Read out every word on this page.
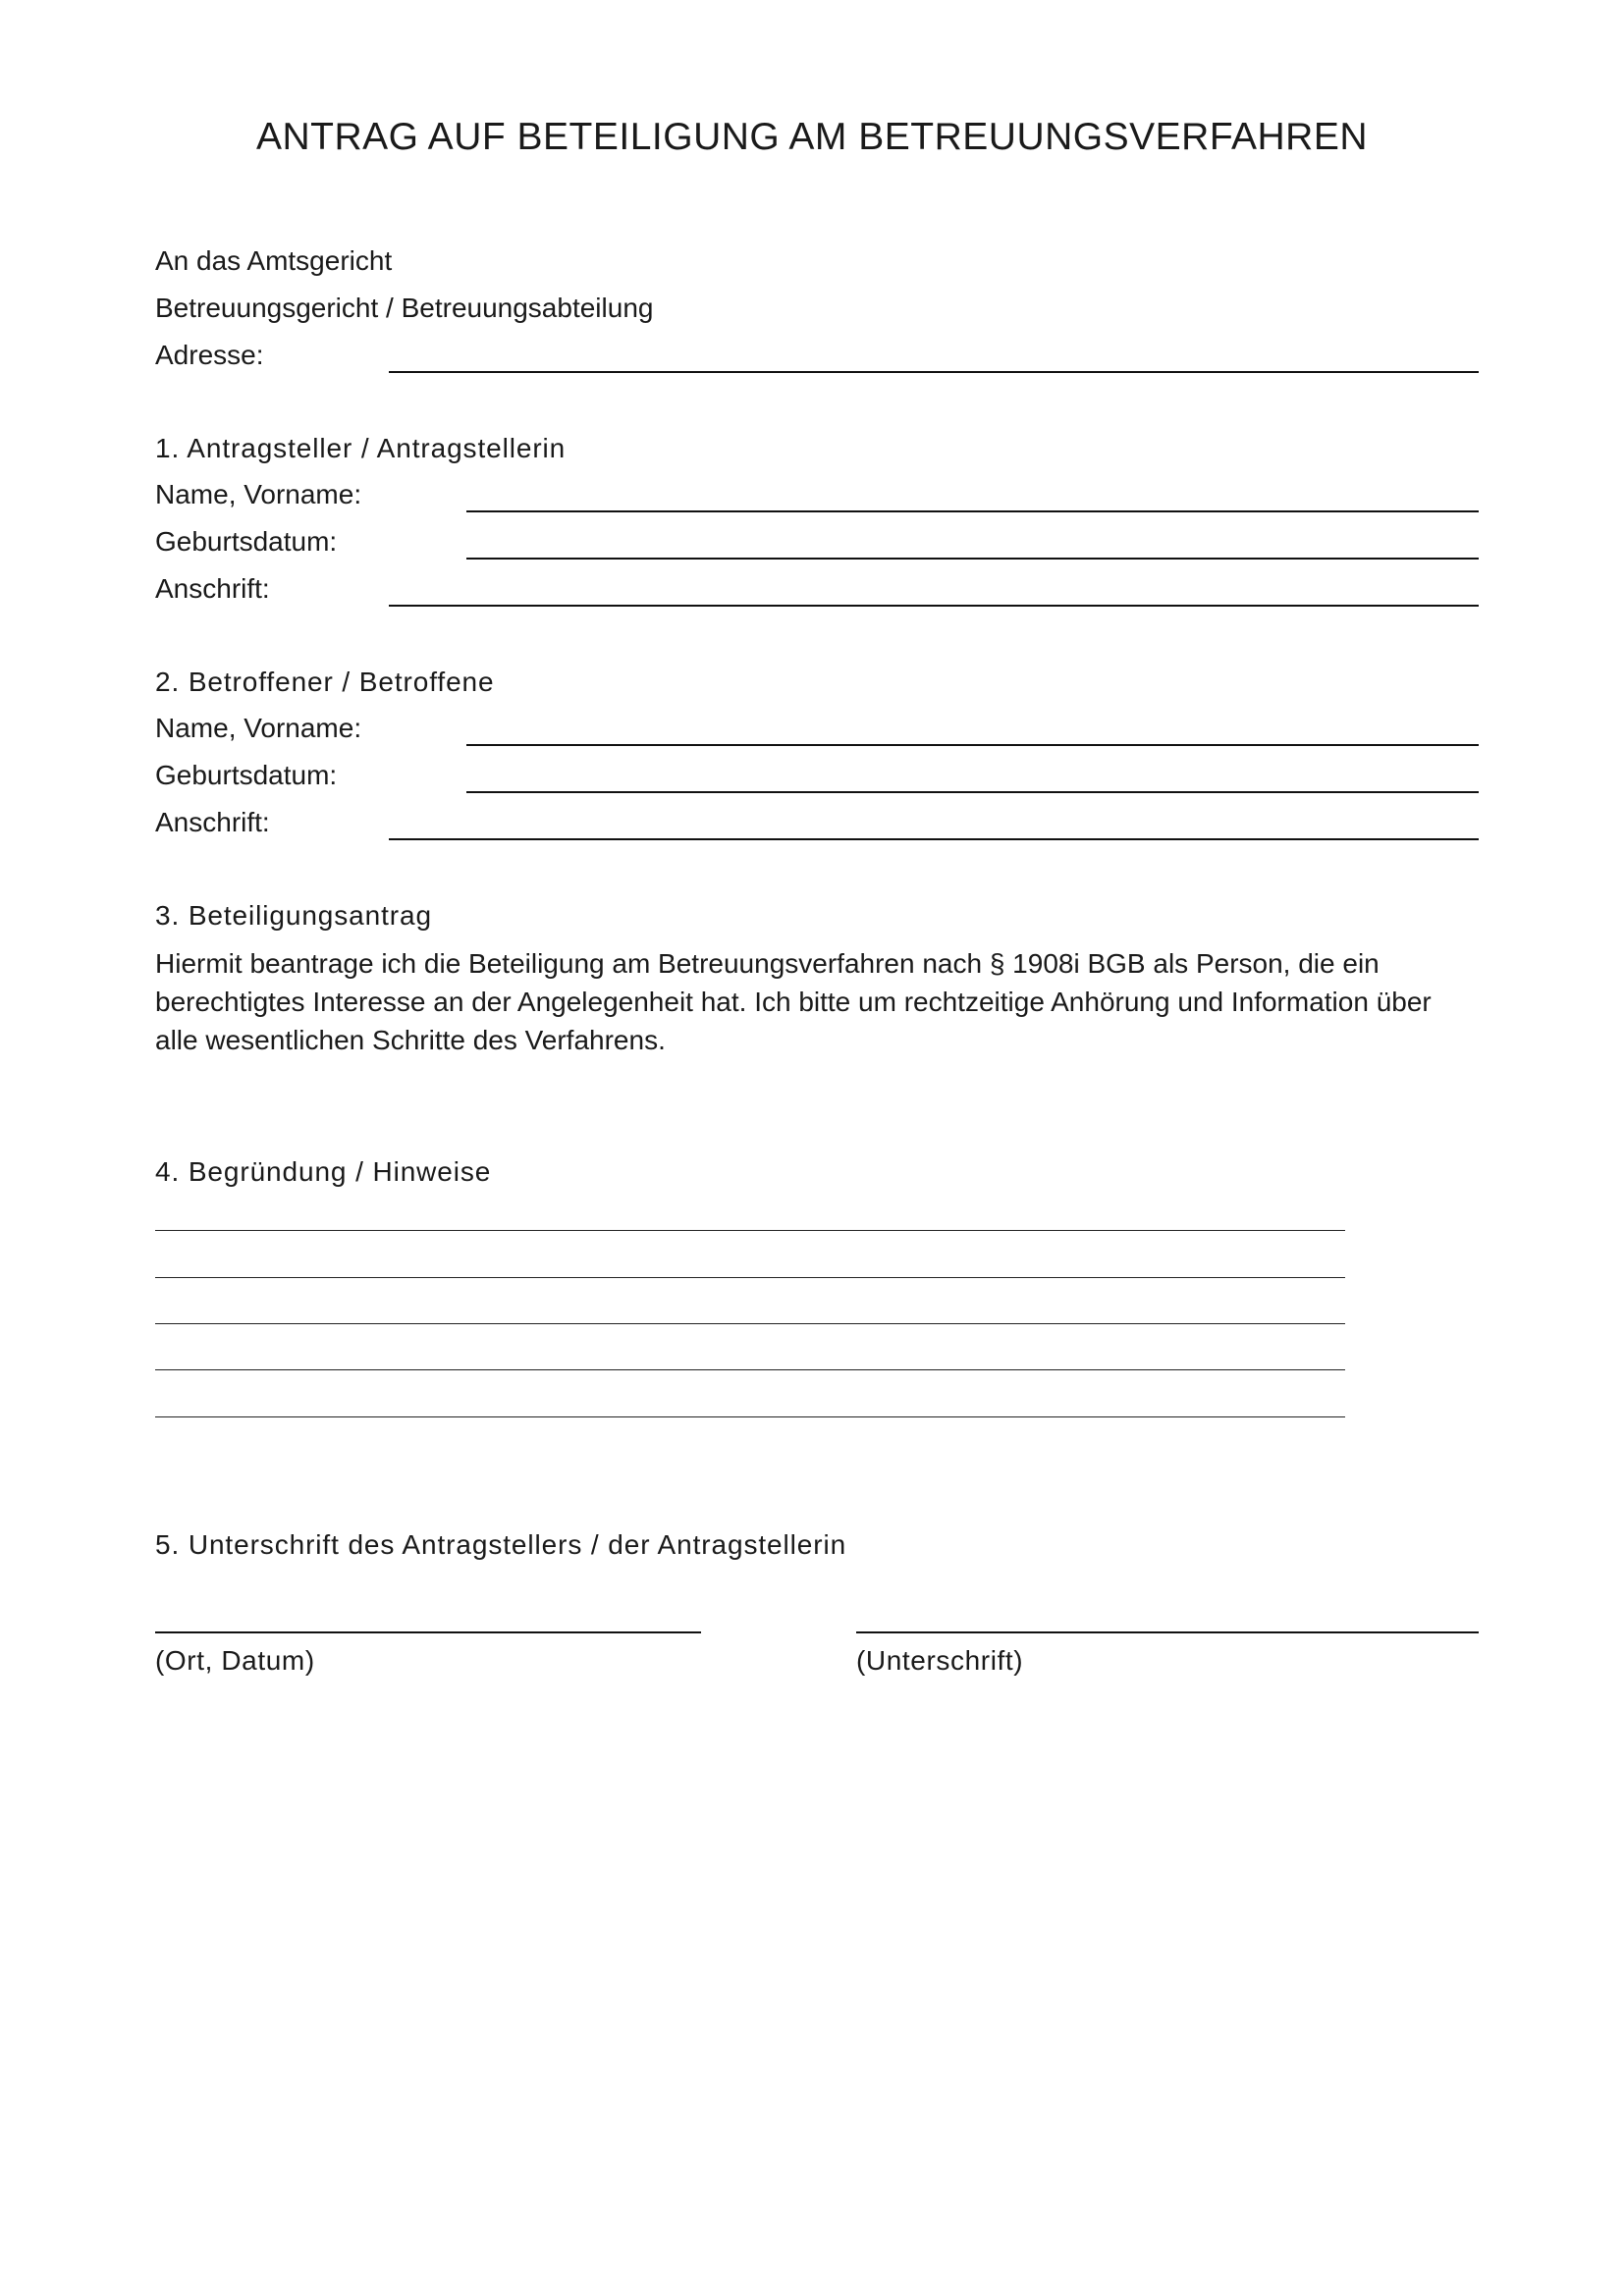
ANTRAG AUF BETEILIGUNG AM BETREUUNGSVERFAHREN
An das Amtsgericht
Betreuungsgericht / Betreuungsabteilung
Adresse:
1. Antragsteller / Antragstellerin
Name, Vorname:
Geburtsdatum:
Anschrift:
2. Betroffener / Betroffene
Name, Vorname:
Geburtsdatum:
Anschrift:
3. Beteiligungsantrag
Hiermit beantrage ich die Beteiligung am Betreuungsverfahren nach § 1908i BGB als Person, die ein berechtigtes Interesse an der Angelegenheit hat. Ich bitte um rechtzeitige Anhörung und Information über alle wesentlichen Schritte des Verfahrens.
4. Begründung / Hinweise
5. Unterschrift des Antragstellers / der Antragstellerin
(Ort, Datum)	(Unterschrift)
